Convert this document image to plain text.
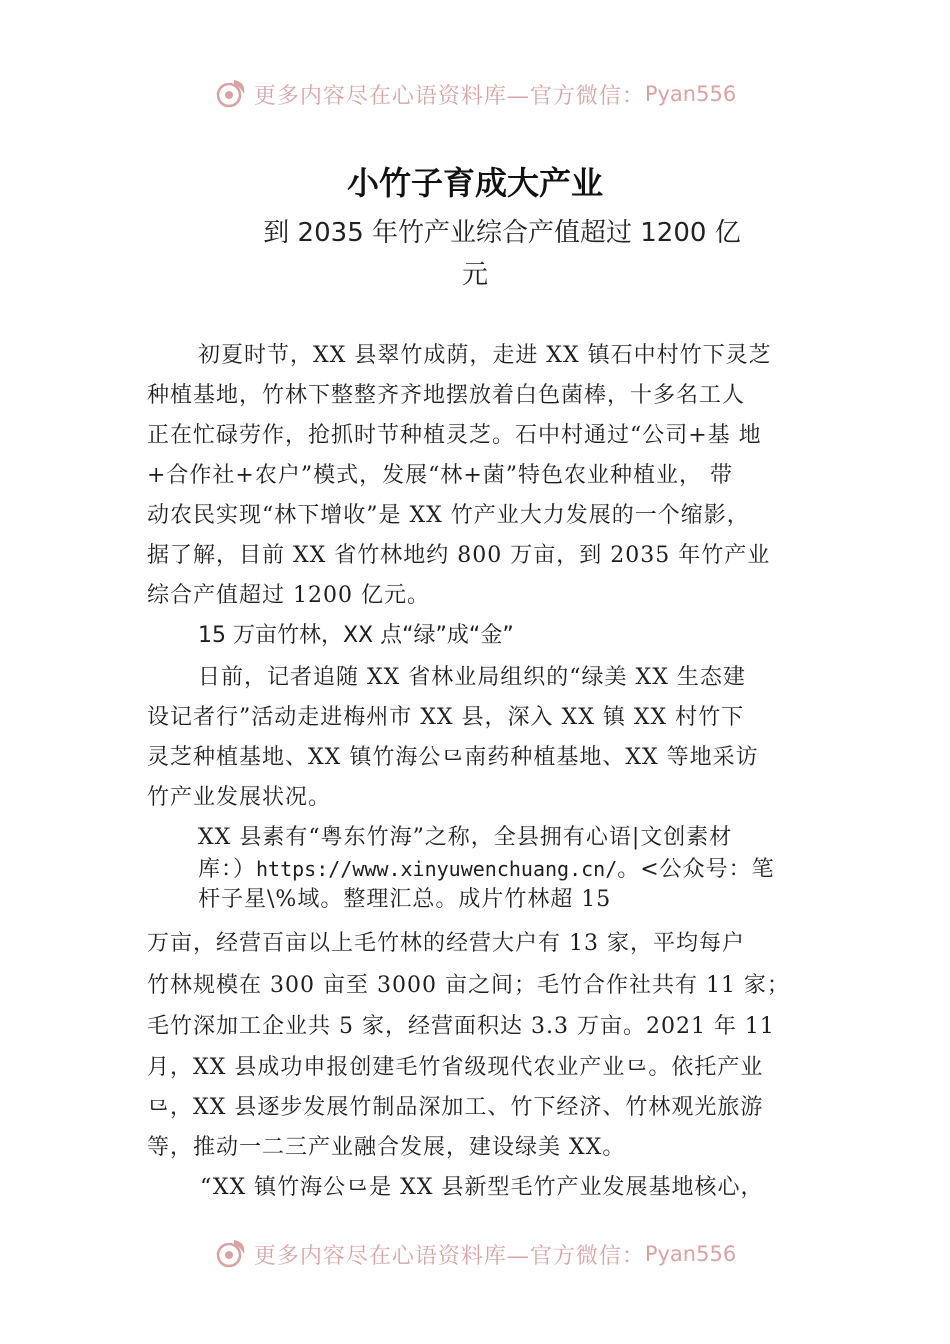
更多内容尽在心语资料库—官方微信： Pyan556
小竹子育成大产业
到 2035 年竹产业综合产值超过 1200 亿
元
初夏时节，XX 县翠竹成荫，走进 XX 镇石中村竹下灵芝
种植基地，竹林下整整齐齐地摆放着白色菌棒，十多名工人
正在忙碌劳作，抢抓时节种植灵芝。石中村通过“公司+基 地
+合作社+农户”模式，发展“林+菌”特色农业种植业， 带
动农民实现“林下增收”是 XX 竹产业大力发展的一个缩影，
据了解，目前 XX 省竹林地约 800 万亩，到 2035 年竹产业
综合产值超过 1200 亿元。
15 万亩竹林，XX 点“绿”成“金”
日前，记者追随 XX 省林业局组织的“绿美 XX 生态建
设记者行”活动走进梅州市 XX 县，深入 XX 镇 XX 村竹下
灵芝种植基地、XX 镇竹海公⺋南药种植基地、XX 等地采访
竹产业发展状况。
XX 县素有“粤东竹海”之称，全县拥有心语|文创素材
库：）https://www.xinyuwenchuang.cn/。<公众号：笔
杆子星\%域。整理汇总。成片竹林超 15
万亩，经营百亩以上毛竹林的经营大户有 13 家，平均每户
竹林规模在 300 亩至 3000 亩之间；毛竹合作社共有 11 家；
毛竹深加工企业共 5 家，经营面积达 3.3 万亩。2021 年 11
月，XX 县成功申报创建毛竹省级现代农业产业⺋。依托产业
⺋，XX 县逐步发展竹制品深加工、竹下经济、竹林观光旅游
等，推动一二三产业融合发展，建设绿美 XX。
“XX 镇竹海公⺋是 XX 县新型毛竹产业发展基地核心，
更多内容尽在心语资料库—官方微信： Pyan556
